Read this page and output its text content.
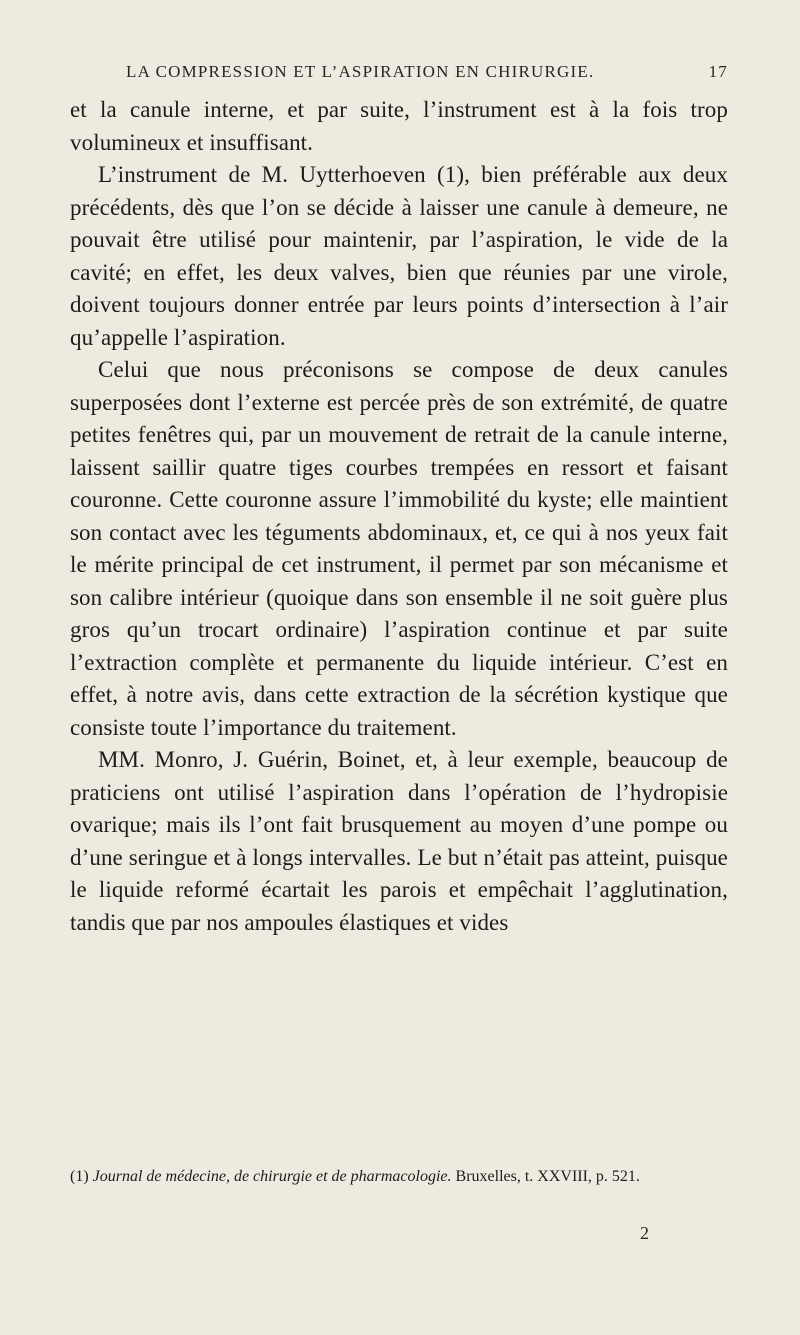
LA COMPRESSION ET L’ASPIRATION EN CHIRURGIE.	17

et la canule interne, et par suite, l’instrument est à la fois trop volumineux et insuffisant.

L’instrument de M. Uytterhoeven (1), bien préférable aux deux précédents, dès que l’on se décide à laisser une canule à demeure, ne pouvait être utilisé pour maintenir, par l’aspiration, le vide de la cavité; en effet, les deux valves, bien que réunies par une virole, doivent toujours donner entrée par leurs points d’intersection à l’air qu’appelle l’aspiration.

Celui que nous préconisons se compose de deux canules superposées dont l’externe est percée près de son extrémité, de quatre petites fenêtres qui, par un mouvement de retrait de la canule interne, laissent saillir quatre tiges courbes trempées en ressort et faisant couronne. Cette couronne assure l’immobilité du kyste; elle maintient son contact avec les téguments abdominaux, et, ce qui à nos yeux fait le mérite principal de cet instrument, il permet par son mécanisme et son calibre intérieur (quoique dans son ensemble il ne soit guère plus gros qu’un trocart ordinaire) l’aspiration continue et par suite l’extraction complète et permanente du liquide intérieur. C’est en effet, à notre avis, dans cette extraction de la sécrétion kystique que consiste toute l’importance du traitement.

MM. Monro, J. Guérin, Boinet, et, à leur exemple, beaucoup de praticiens ont utilisé l’aspiration dans l’opération de l’hydropisie ovarique; mais ils l’ont fait brusquement au moyen d’une pompe ou d’une seringue et à longs intervalles. Le but n’était pas atteint, puisque le liquide reformé écartait les parois et empêchait l’agglutination, tandis que par nos ampoules élastiques et vides

(1) Journal de médecine, de chirurgie et de pharmacologie. Bruxelles, t. XXVIII, p. 521.
2
